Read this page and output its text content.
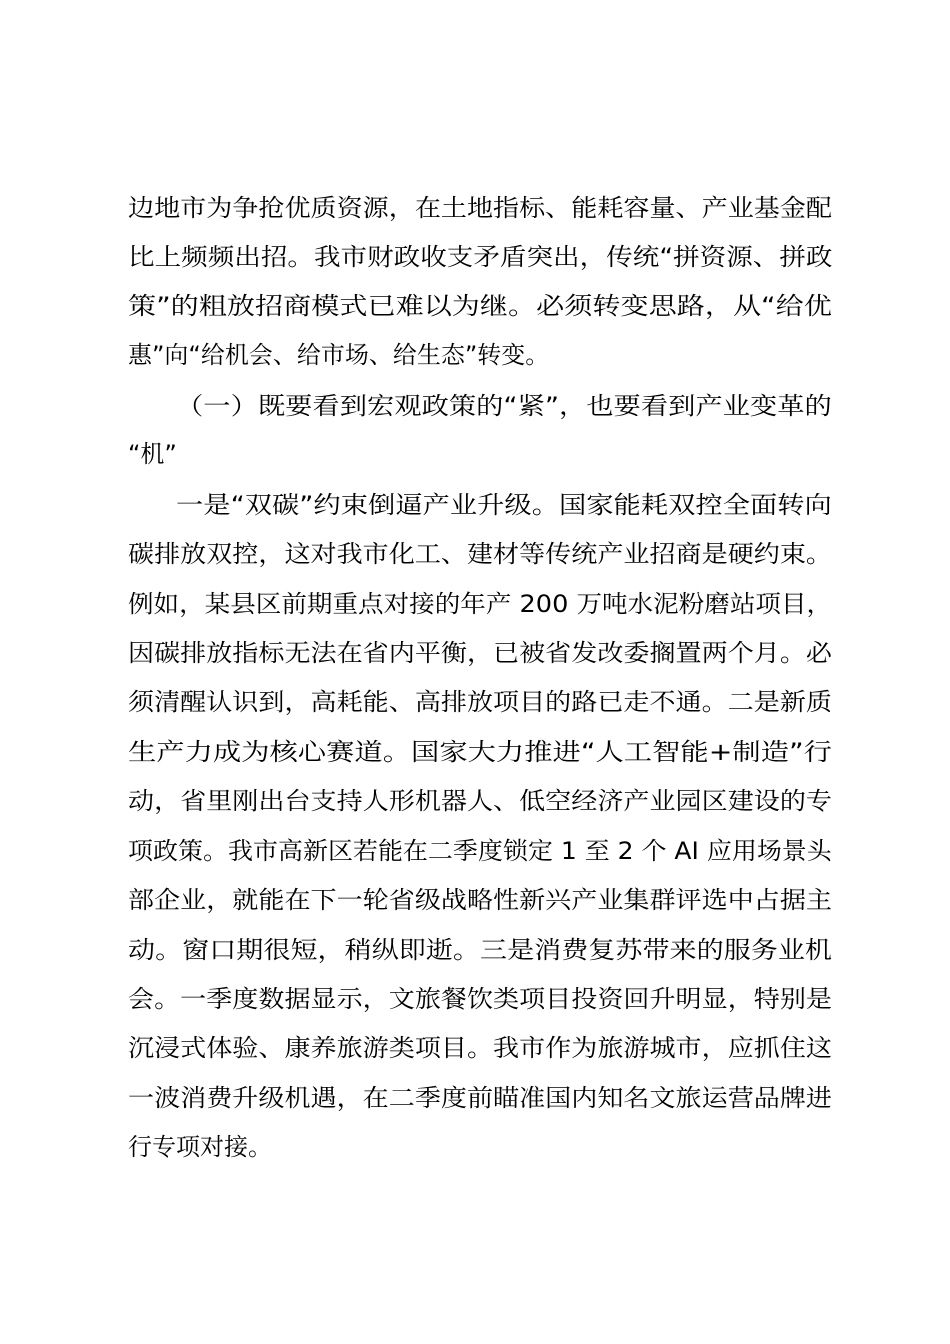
边地市为争抢优质资源，在土地指标、能耗容量、产业基金配
比上频频出招。我市财政收支矛盾突出，传统“拼资源、拼政
策”的粗放招商模式已难以为继。必须转变思路，从“给优
惠”向“给机会、给市场、给生态”转变。
（一）既要看到宏观政策的“紧”，也要看到产业变革的
“机”
一是“双碳”约束倒逼产业升级。国家能耗双控全面转向
碳排放双控，这对我市化工、建材等传统产业招商是硬约束。
例如，某县区前期重点对接的年产 200 万吨水泥粉磨站项目，
因碳排放指标无法在省内平衡，已被省发改委搁置两个月。必
须清醒认识到，高耗能、高排放项目的路已走不通。二是新质
生产力成为核心赛道。国家大力推进“人工智能+制造”行
动，省里刚出台支持人形机器人、低空经济产业园区建设的专
项政策。我市高新区若能在二季度锁定 1 至 2 个 AI 应用场景头
部企业，就能在下一轮省级战略性新兴产业集群评选中占据主
动。窗口期很短，稍纵即逝。三是消费复苏带来的服务业机
会。一季度数据显示，文旅餐饮类项目投资回升明显，特别是
沉浸式体验、康养旅游类项目。我市作为旅游城市，应抓住这
一波消费升级机遇，在二季度前瞄准国内知名文旅运营品牌进
行专项对接。
